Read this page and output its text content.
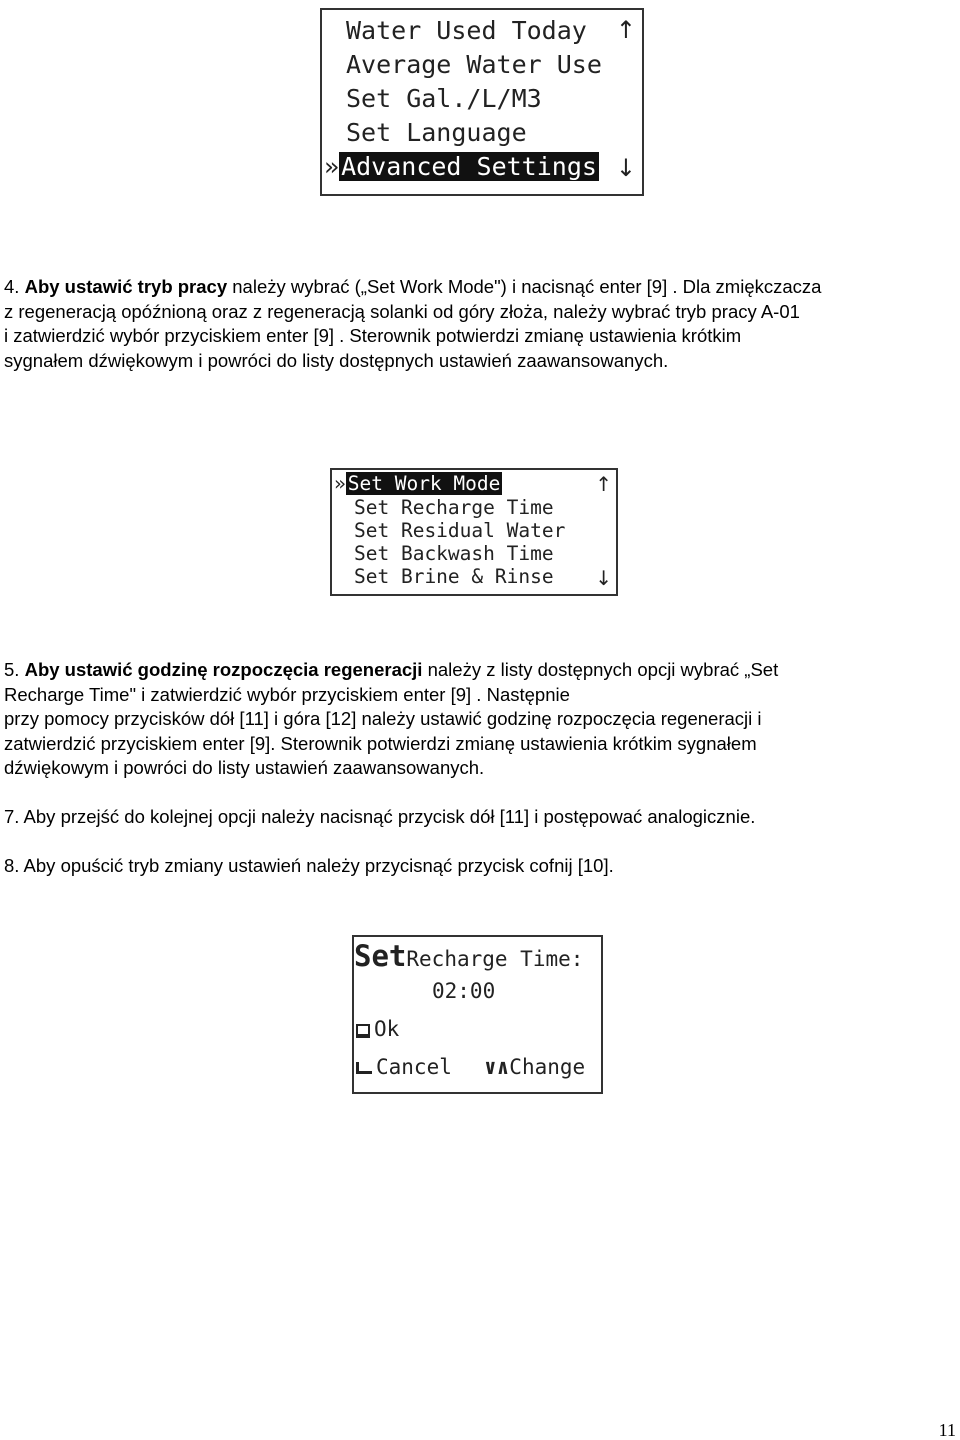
Water Used Today
Average Water Use
Set Gal./L/M3
Set Language
»Advanced Settings
↑
↓
4. Aby ustawić tryb pracy należy wybrać („Set Work Mode") i nacisnąć enter [9] . Dla zmiękczacza
z regeneracją opóźnioną oraz z regeneracją solanki od góry złoża, należy wybrać tryb pracy A-01
i zatwierdzić wybór przyciskiem enter [9] . Sterownik potwierdzi zmianę ustawienia krótkim
sygnałem dźwiękowym i powróci do listy dostępnych ustawień zaawansowanych.
» Set Work Mode
Set Recharge Time
Set Residual Water
Set Backwash Time
Set Brine & Rinse
↑
↓
5. Aby ustawić godzinę rozpoczęcia regeneracji należy z listy dostępnych opcji wybrać „Set
Recharge Time" i zatwierdzić wybór przyciskiem enter [9] . Następnie
przy pomocy przycisków dół [11] i góra [12] należy ustawić godzinę rozpoczęcia regeneracji i
zatwierdzić przyciskiem enter [9]. Sterownik potwierdzi zmianę ustawienia krótkim sygnałem
dźwiękowym i powróci do listy ustawień zaawansowanych.
7. Aby przejść do kolejnej opcji należy nacisnąć przycisk dół [11] i postępować analogicznie.
8. Aby opuścić tryb zmiany ustawień należy przycisnąć przycisk cofnij [10].
SetRecharge Time:
02:00
Ok
Cancel ∨∧Change
11
